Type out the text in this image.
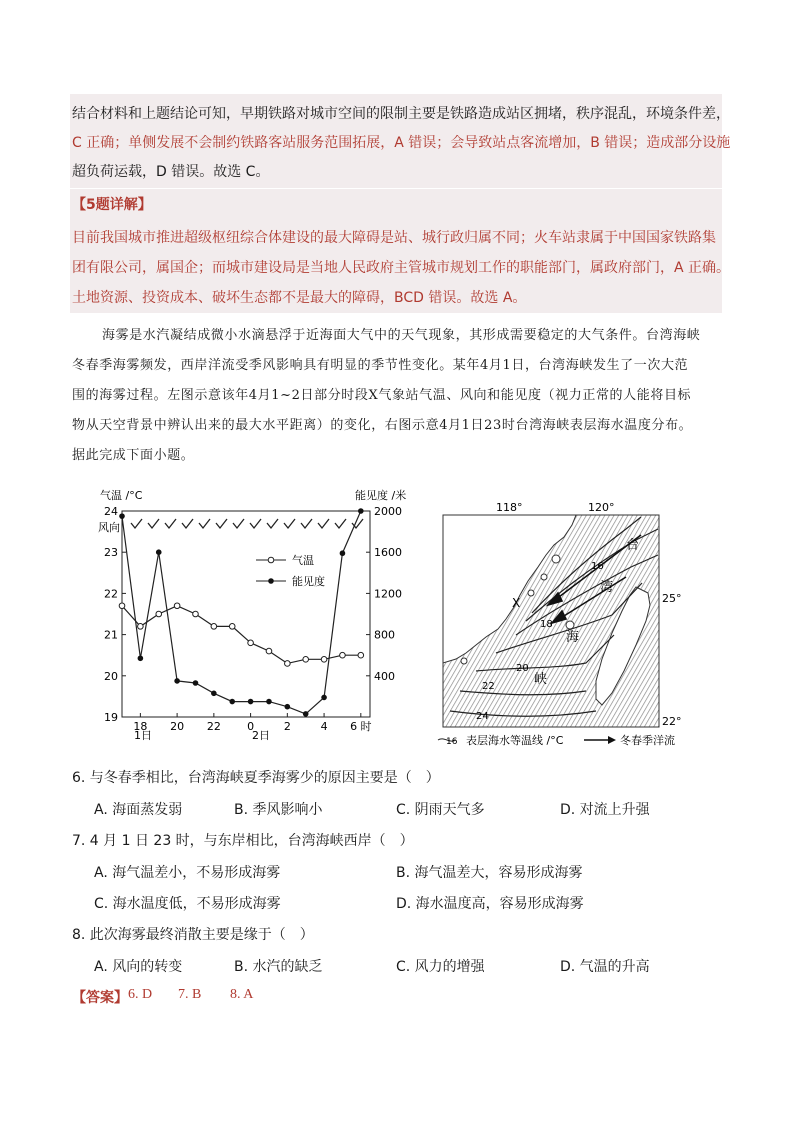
结合材料和上题结论可知，早期铁路对城市空间的限制主要是铁路造成站区拥堵，秩序混乱，环境条件差，
C 正确；单侧发展不会制约铁路客站服务范围拓展，A 错误；会导致站点客流增加，B 错误；造成部分设施
超负荷运载，D 错误。故选 C。
【5题详解】
目前我国城市推进超级枢纽综合体建设的最大障碍是站、城行政归属不同；火车站隶属于中国国家铁路集
团有限公司，属国企；而城市建设局是当地人民政府主管城市规划工作的职能部门，属政府部门，A 正确。
土地资源、投资成本、破坏生态都不是最大的障碍，BCD 错误。故选 A。
海雾是水汽凝结成微小水滴悬浮于近海面大气中的天气现象，其形成需要稳定的大气条件。台湾海峡
冬春季海雾频发，西岸洋流受季风影响具有明显的季节性变化。某年4月1日，台湾海峡发生了一次大范
围的海雾过程。左图示意该年4月1~2日部分时段X气象站气温、风向和能见度（视力正常的人能将目标
物从天空背景中辨认出来的最大水平距离）的变化，右图示意4月1日23时台湾海峡表层海水温度分布。
据此完成下面小题。
24
23
22
21
20
19
2000
1600
1200
800
400
18 20 22 0	2	4 6 时
气温 /°C	能见度 /米
风向
1日	2日
气温
能见度
118°	120°
25°
22°
16
18
20
22
24
台
湾
海
峡
X
16 表层海水等温线 /°C	冬春季洋流
6. 与冬春季相比，台湾海峡夏季海雾少的原因主要是（　）
A. 海面蒸发弱	B. 季风影响小	C. 阴雨天气多	D. 对流上升强
7. 4 月 1 日 23 时，与东岸相比，台湾海峡西岸（　）
A. 海气温差小，不易形成海雾	B. 海气温差大，容易形成海雾
C. 海水温度低，不易形成海雾	D. 海水温度高，容易形成海雾
8. 此次海雾最终消散主要是缘于（　）
A. 风向的转变	B. 水汽的缺乏	C. 风力的增强	D. 气温的升高
【答案】 6. D 7. B 8. A
